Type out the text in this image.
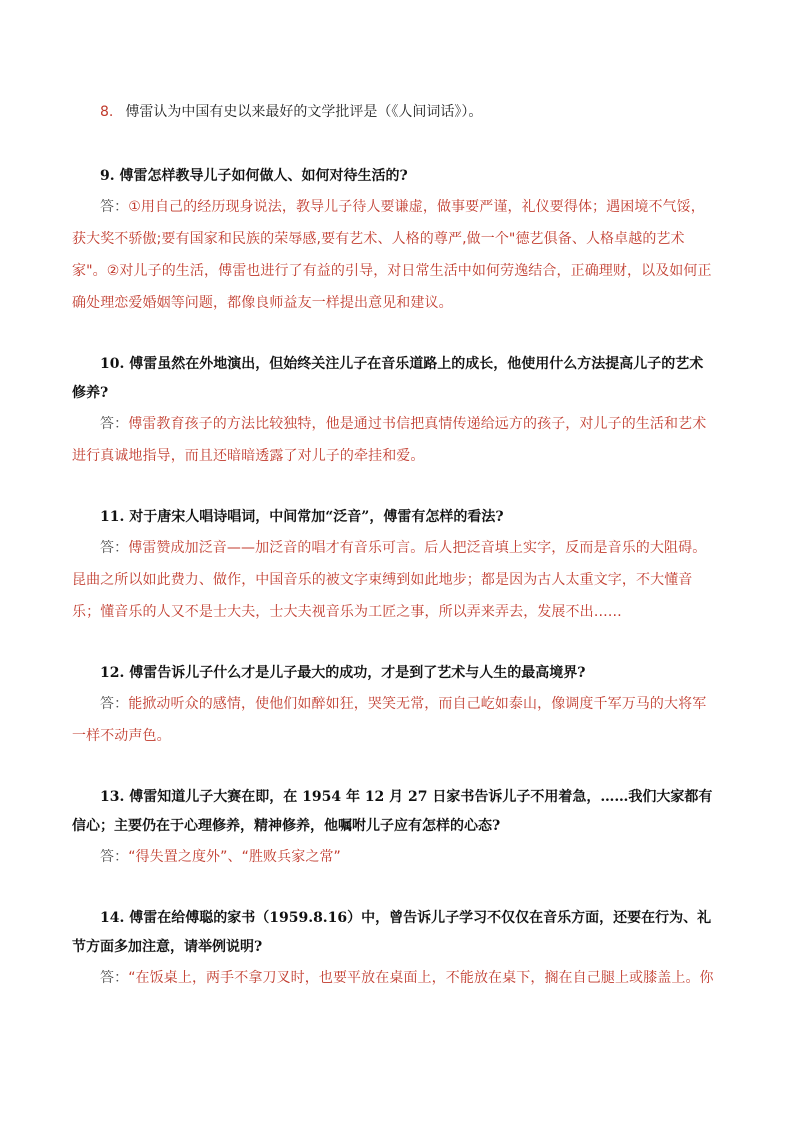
8. 傅雷认为中国有史以来最好的文学批评是（《人间词话》）。

9. 傅雷怎样教导儿子如何做人、如何对待生活的?

答：①用自己的经历现身说法，教导儿子待人要谦虚，做事要严谨，礼仪要得体；遇困境不气馁，获大奖不骄傲;要有国家和民族的荣辱感,要有艺术、人格的尊严,做一个"德艺俱备、人格卓越的艺术家"。②对儿子的生活，傅雷也进行了有益的引导，对日常生活中如何劳逸结合，正确理财，以及如何正确处理恋爱婚姻等问题，都像良师益友一样提出意见和建议。

10. 傅雷虽然在外地演出，但始终关注儿子在音乐道路上的成长，他使用什么方法提高儿子的艺术修养?

答：傅雷教育孩子的方法比较独特，他是通过书信把真情传递给远方的孩子，对儿子的生活和艺术进行真诚地指导，而且还暗暗透露了对儿子的牵挂和爱。

11. 对于唐宋人唱诗唱词，中间常加“泛音”，傅雷有怎样的看法?

答：傅雷赞成加泛音——加泛音的唱才有音乐可言。后人把泛音填上实字，反而是音乐的大阻碍。昆曲之所以如此费力、做作，中国音乐的被文字束缚到如此地步；都是因为古人太重文字，不大懂音乐；懂音乐的人又不是士大夫，士大夫视音乐为工匠之事，所以弄来弄去，发展不出……

12. 傅雷告诉儿子什么才是儿子最大的成功，才是到了艺术与人生的最高境界?

答：能掀动听众的感情，使他们如醉如狂，哭笑无常，而自己屹如泰山，像调度千军万马的大将军一样不动声色。

13. 傅雷知道儿子大赛在即，在 1954 年 12 月 27 日家书告诉儿子不用着急，……我们大家都有信心；主要仍在于心理修养，精神修养，他嘱咐儿子应有怎样的心态?

答：“得失置之度外”、“胜败兵家之常”

14. 傅雷在给傅聪的家书（1959.8.16）中，曾告诉儿子学习不仅仅在音乐方面，还要在行为、礼节方面多加注意，请举例说明?

答：“在饭桌上，两手不拿刀叉时，也要平放在桌面上，不能放在桌下，搁在自己腿上或膝盖上。你
